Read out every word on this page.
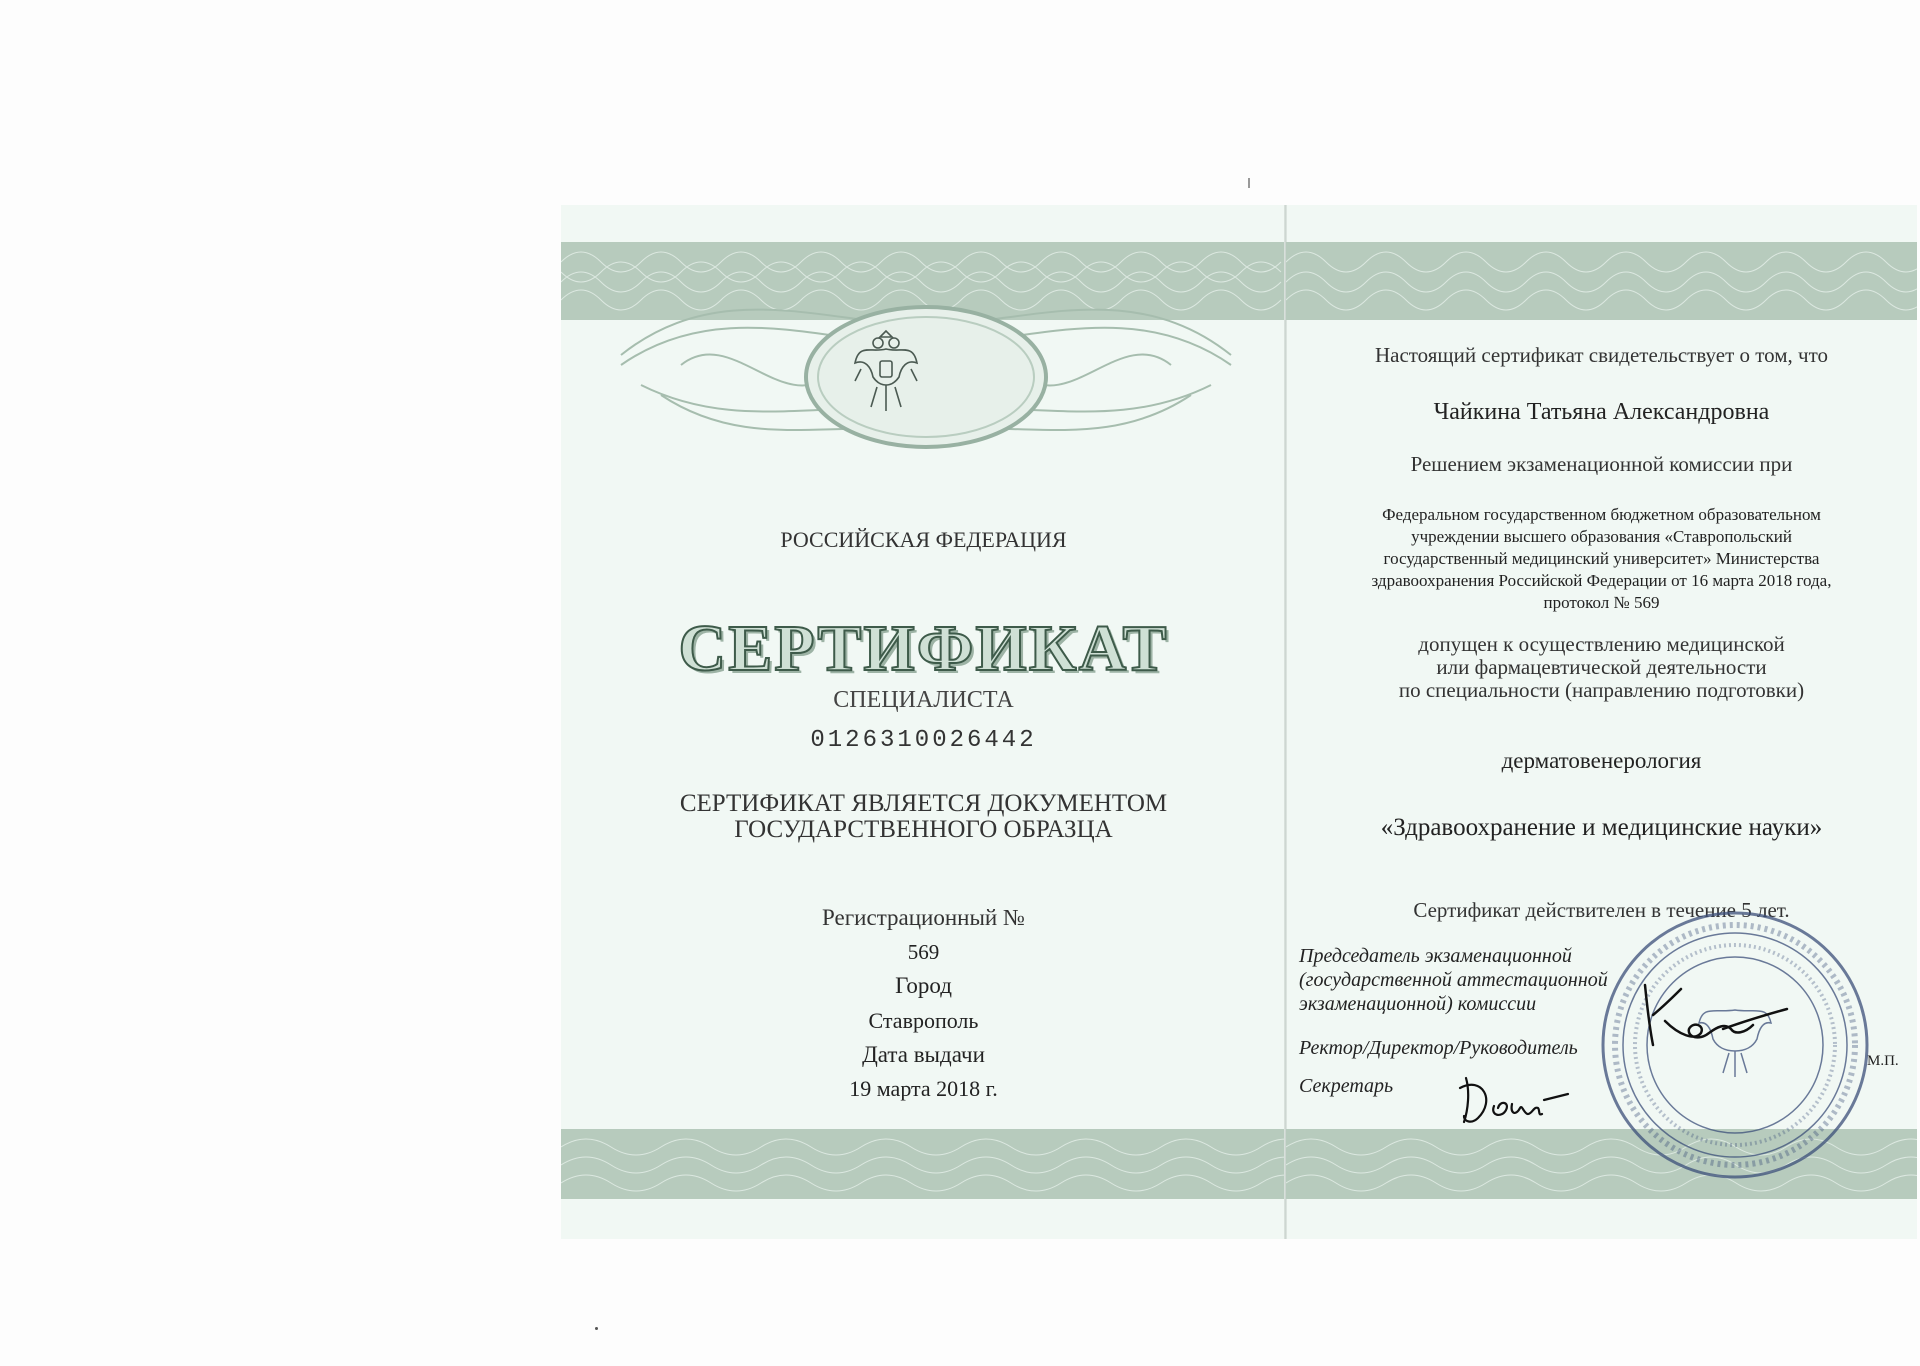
РОССИЙСКАЯ ФЕДЕРАЦИЯ
СЕРТИФИКАТ
СПЕЦИАЛИСТА
0126310026442
СЕРТИФИКАТ ЯВЛЯЕТСЯ ДОКУМЕНТОМ
ГОСУДАРСТВЕННОГО ОБРАЗЦА
Регистрационный №
569
Город
Ставрополь
Дата выдачи
19 марта 2018 г.
Настоящий сертификат свидетельствует о том, что
Чайкина Татьяна Александровна
Решением экзаменационной комиссии при
Федеральном государственном бюджетном образовательном
учреждении высшего образования «Ставропольский
государственный медицинский университет» Министерства
здравоохранения Российской Федерации от 16 марта 2018 года,
протокол № 569
допущен к осуществлению медицинской
или фармацевтической деятельности
по специальности (направлению подготовки)
дерматовенерология
«Здравоохранение и медицинские науки»
Сертификат действителен в течение 5 лет.
Председатель экзаменационной
(государственной аттестационной
экзаменационной) комиссии
Ректор/Директор/Руководитель
М.П.
Секретарь
